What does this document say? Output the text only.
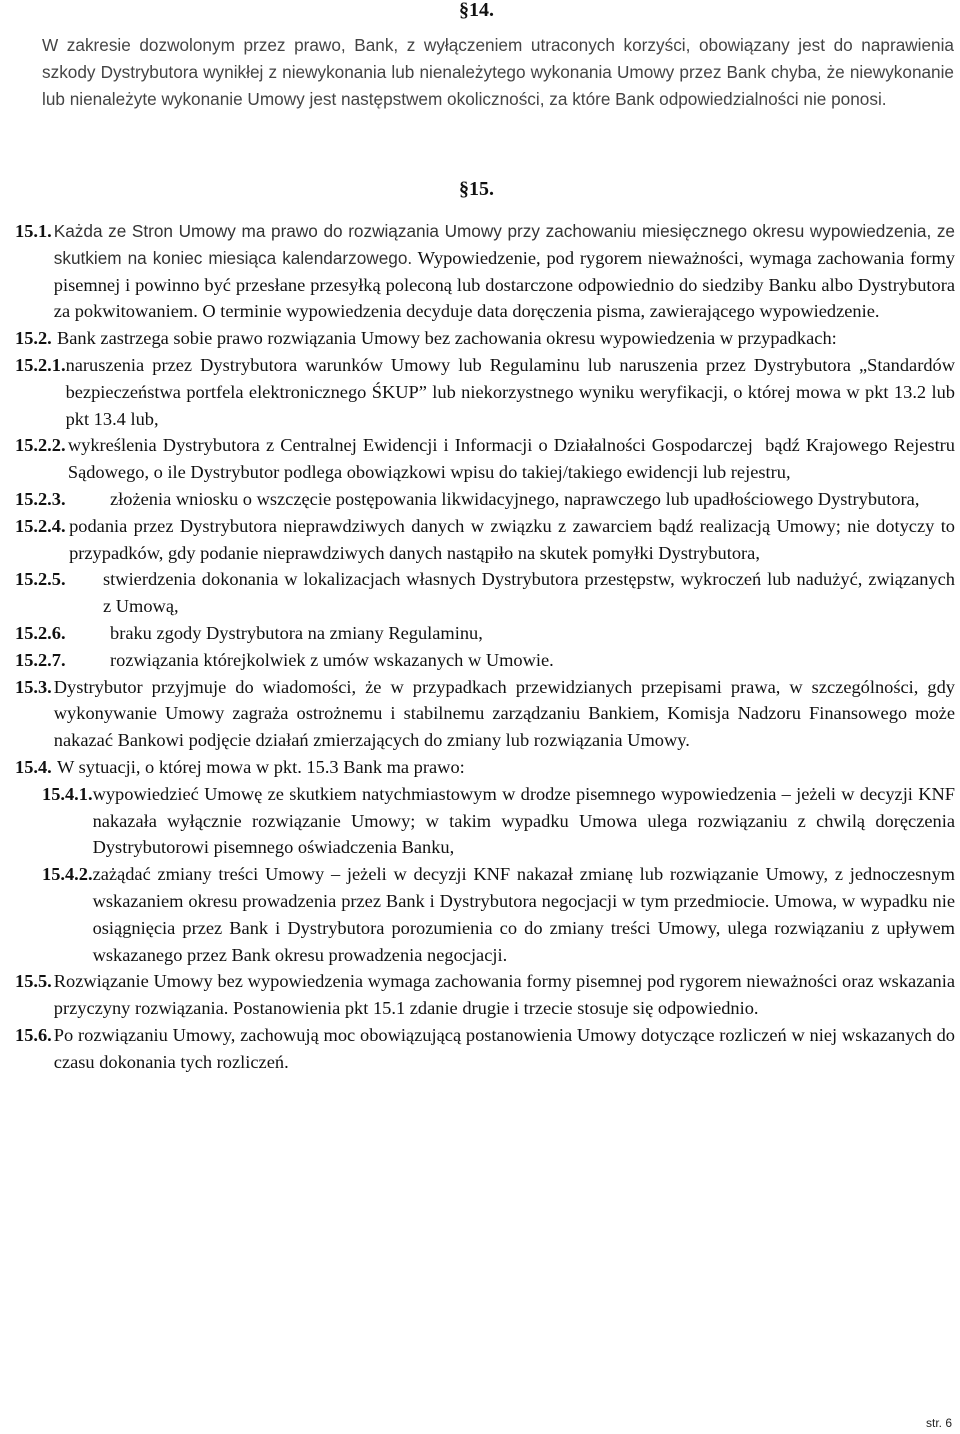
§14.

W zakresie dozwolonym przez prawo, Bank, z wyłączeniem utraconych korzyści, obowiązany jest do naprawienia szkody Dystrybutora wynikłej z niewykonania lub nienależytego wykonania Umowy przez Bank chyba, że niewykonanie lub nienależyte wykonanie Umowy jest następstwem okoliczności, za które Bank odpowiedzialności nie ponosi.

§15.
15.1. Każda ze Stron Umowy ma prawo do rozwiązania Umowy przy zachowaniu miesięcznego okresu wypowiedzenia, ze skutkiem na koniec miesiąca kalendarzowego. Wypowiedzenie, pod rygorem nieważności, wymaga zachowania formy pisemnej i powinno być przesłane przesyłką poleconą lub dostarczone odpowiednio do siedziby Banku albo Dystrybutora za pokwitowaniem. O terminie wypowiedzenia decyduje data doręczenia pisma, zawierającego wypowiedzenie.

15.2. Bank zastrzega sobie prawo rozwiązania Umowy bez zachowania okresu wypowiedzenia w przypadkach:

15.2.1. naruszenia przez Dystrybutora warunków Umowy lub Regulaminu lub naruszenia przez Dystrybutora „Standardów bezpieczeństwa portfela elektronicznego ŚKUP” lub niekorzystnego wyniku weryfikacji, o której mowa w pkt 13.2 lub pkt 13.4 lub,

15.2.2. wykreślenia Dystrybutora z Centralnej Ewidencji i Informacji o Działalności Gospodarczej  bądź Krajowego Rejestru Sądowego, o ile Dystrybutor podlega obowiązkowi wpisu do takiej/takiego ewidencji lub rejestru,

15.2.3.	złożenia wniosku o wszczęcie postępowania likwidacyjnego, naprawczego lub upadłościowego Dystrybutora,

15.2.4. podania przez Dystrybutora nieprawdziwych danych w związku z zawarciem bądź realizacją Umowy; nie dotyczy to przypadków, gdy podanie nieprawdziwych danych nastąpiło na skutek pomyłki Dystrybutora,

15.2.5.	stwierdzenia dokonania w lokalizacjach własnych Dystrybutora przestępstw, wykroczeń lub nadużyć, związanych z Umową,

15.2.6.	braku zgody Dystrybutora na zmiany Regulaminu,

15.2.7.	rozwiązania którejkolwiek z umów wskazanych w Umowie.

15.3. Dystrybutor przyjmuje do wiadomości, że w przypadkach przewidzianych przepisami prawa, w szczególności, gdy wykonywanie Umowy zagraża ostrożnemu i stabilnemu zarządzaniu Bankiem, Komisja Nadzoru Finansowego może nakazać Bankowi podjęcie działań zmierzających do zmiany lub rozwiązania Umowy.

15.4. W sytuacji, o której mowa w pkt. 15.3 Bank ma prawo:

15.4.1. wypowiedzieć Umowę ze skutkiem natychmiastowym w drodze pisemnego wypowiedzenia – jeżeli w decyzji KNF nakazała wyłącznie rozwiązanie Umowy; w takim wypadku Umowa ulega rozwiązaniu z chwilą doręczenia Dystrybutorowi pisemnego oświadczenia Banku,

15.4.2. zażądać zmiany treści Umowy – jeżeli w decyzji KNF nakazał zmianę lub rozwiązanie Umowy, z jednoczesnym wskazaniem okresu prowadzenia przez Bank i Dystrybutora negocjacji w tym przedmiocie. Umowa, w wypadku nie osiągnięcia przez Bank i Dystrybutora porozumienia co do zmiany treści Umowy, ulega rozwiązaniu z upływem wskazanego przez Bank okresu prowadzenia negocjacji.

15.5. Rozwiązanie Umowy bez wypowiedzenia wymaga zachowania formy pisemnej pod rygorem nieważności oraz wskazania przyczyny rozwiązania. Postanowienia pkt 15.1 zdanie drugie i trzecie stosuje się odpowiednio.

15.6. Po rozwiązaniu Umowy, zachowują moc obowiązującą postanowienia Umowy dotyczące rozliczeń w niej wskazanych do czasu dokonania tych rozliczeń.

str. 6
